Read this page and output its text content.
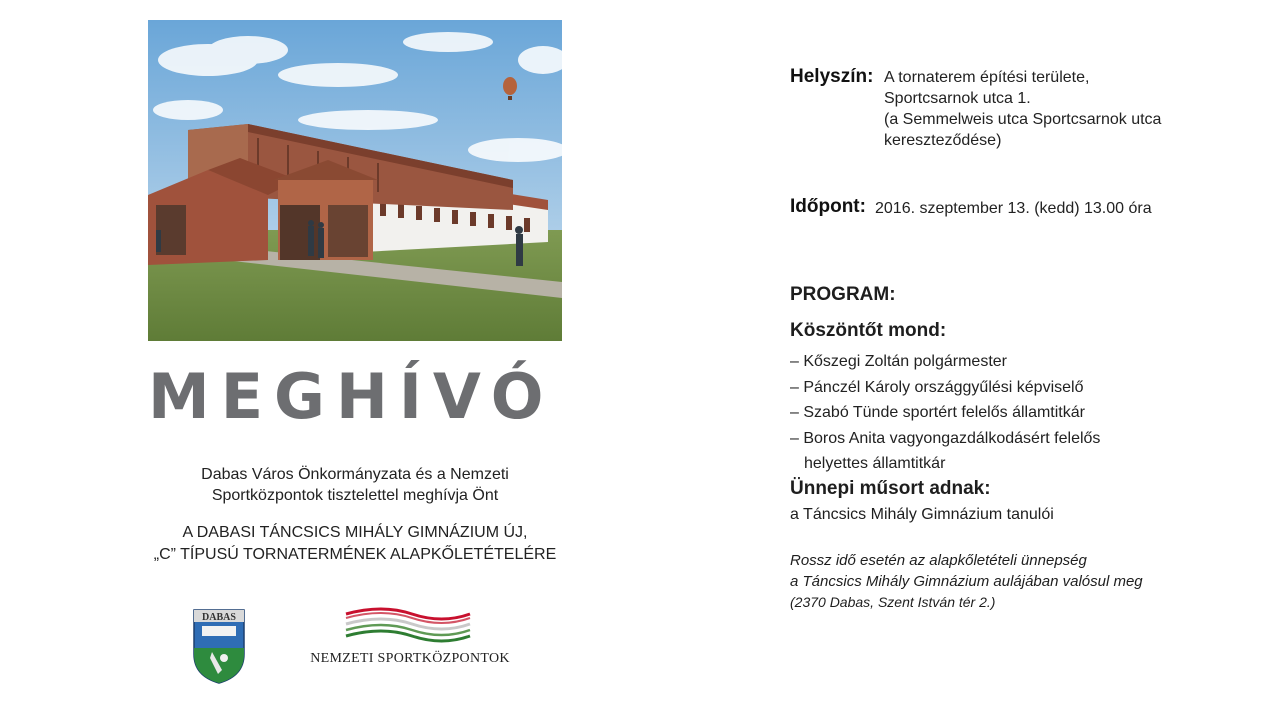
MEGHÍVÓ
Dabas Város Önkormányzata és a Nemzeti
Sportközpontok tisztelettel meghívja Önt
A DABASI TÁNCSICS MIHÁLY GIMNÁZIUM ÚJ,
„C” TÍPUSÚ TORNATERMÉNEK ALAPKŐLETÉTELÉRE
DABAS
NEMZETI SPORTKÖZPONTOK
Helyszín: A tornaterem építési területe,
Sportcsarnok utca 1.
(a Semmelweis utca Sportcsarnok utca
kereszteződése)
Időpont: 2016. szeptember 13. (kedd) 13.00 óra
PROGRAM:
Köszöntőt mond:
– Kőszegi Zoltán polgármester
– Pánczél Károly országgyűlési képviselő
– Szabó Tünde sportért felelős államtitkár
– Boros Anita vagyongazdálkodásért felelős
helyettes államtitkár
Ünnepi műsort adnak:
a Táncsics Mihály Gimnázium tanulói
Rossz idő esetén az alapkőletételi ünnepség
a Táncsics Mihály Gimnázium aulájában valósul meg
(2370 Dabas, Szent István tér 2.)
